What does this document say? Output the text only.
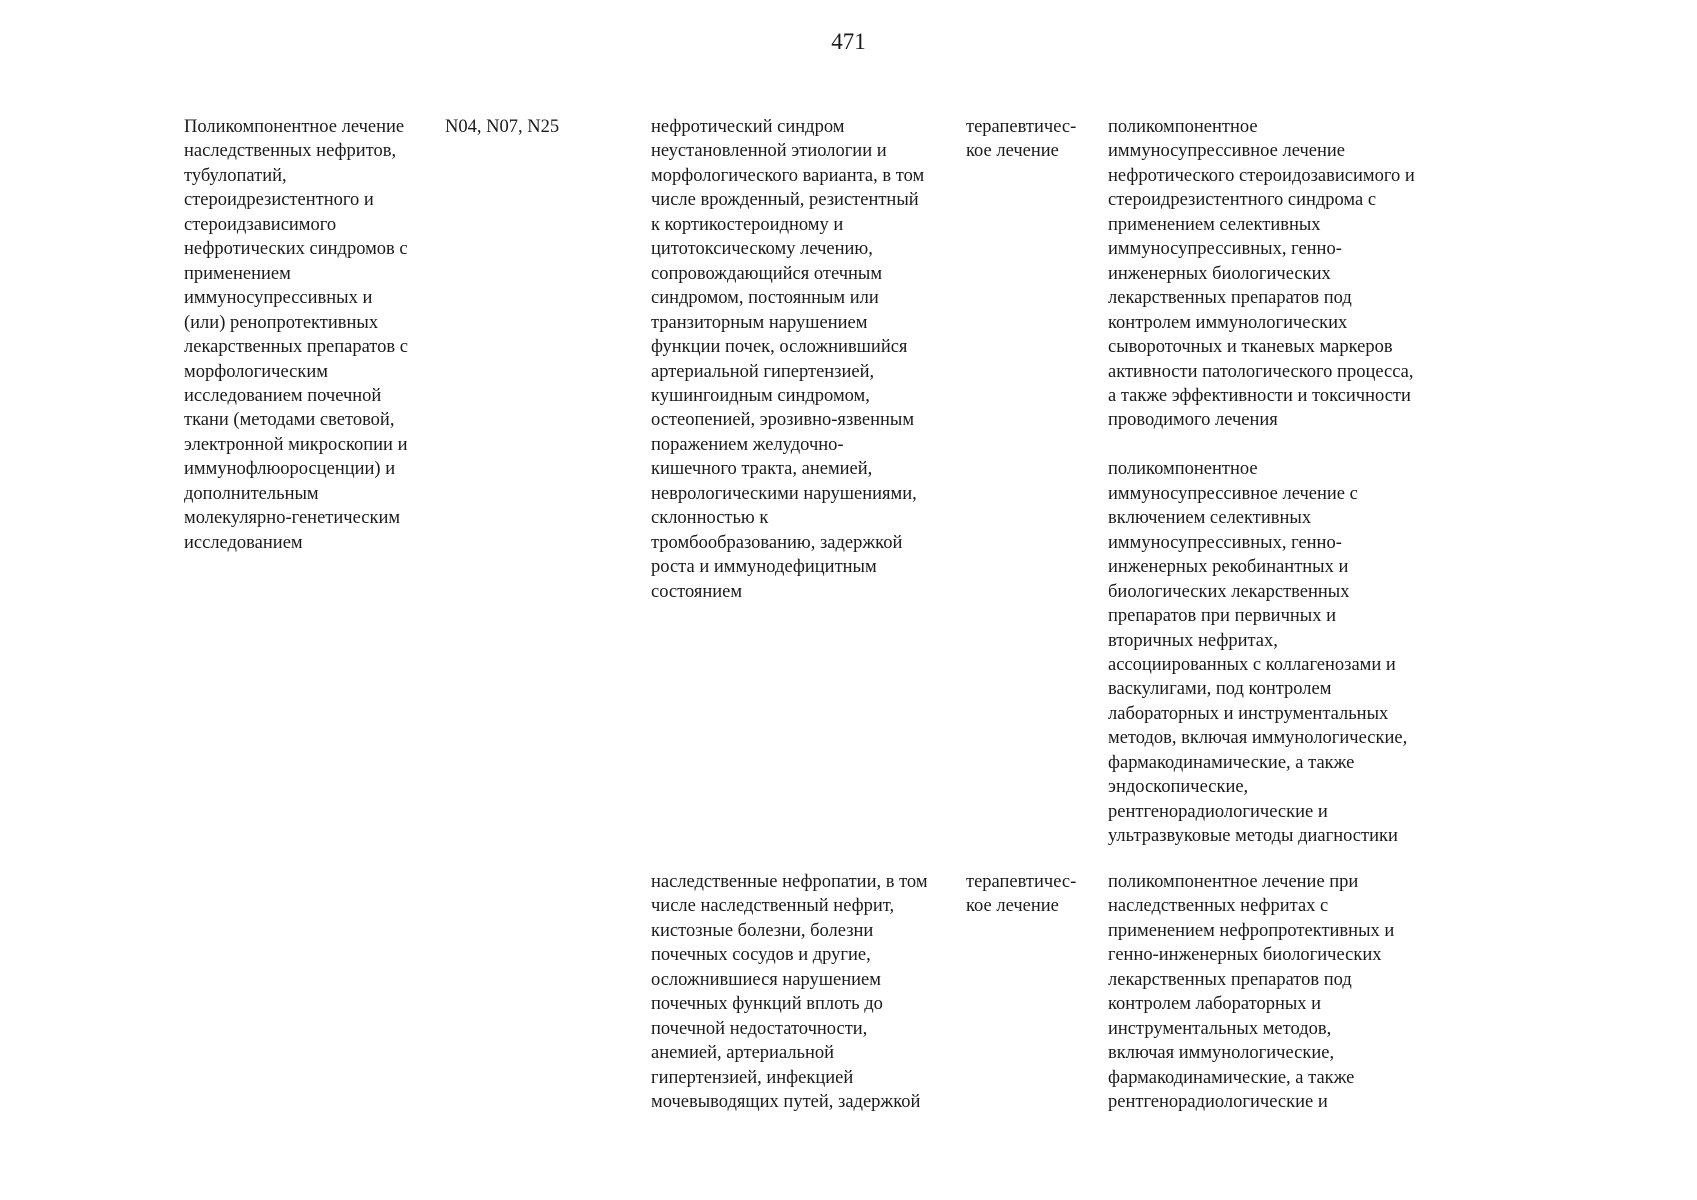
471
Поликомпонентное лечение
наследственных нефритов,
тубулопатий,
стероидрезистентного и
стероидзависимого
нефротических синдромов с
применением
иммуносупрессивных и
(или) ренопротективных
лекарственных препаратов с
морфологическим
исследованием почечной
ткани (методами световой,
электронной микроскопии и
иммунофлюоросценции) и
дополнительным
молекулярно-генетическим
исследованием
N04, N07, N25	нефротический синдром
неустановленной этиологии и
морфологического варианта, в том
числе врожденный, резистентный
к кортикостероидному и
цитотоксическому лечению,
сопровождающийся отечным
синдромом, постоянным или
транзиторным нарушением
функции почек, осложнившийся
артериальной гипертензией,
кушингоидным синдромом,
остеопенией, эрозивно-язвенным
поражением желудочно-
кишечного тракта, анемией,
неврологическими нарушениями,
склонностью к
тромбообразованию, задержкой
роста и иммунодефицитным
состоянием
терапевтичес-
кое лечение
поликомпонентное
иммуносупрессивное лечение
нефротического стероидозависимого и
стероидрезистентного синдрома с
применением селективных
иммуносупрессивных, генно-
инженерных биологических
лекарственных препаратов под
контролем иммунологических
сывороточных и тканевых маркеров
активности патологического процесса,
а также эффективности и токсичности
проводимого лечения
поликомпонентное
иммуносупрессивное лечение с
включением селективных
иммуносупрессивных, генно-
инженерных рекобинантных и
биологических лекарственных
препаратов при первичных и
вторичных нефритах,
ассоциированных с коллагенозами и
васкулигами, под контролем
лабораторных и инструментальных
методов, включая иммунологические,
фармакодинамические, а также
эндоскопические,
рентгенорадиологические и
ультразвуковые методы диагностики
наследственные нефропатии, в том
числе наследственный нефрит,
кистозные болезни, болезни
почечных сосудов и другие,
осложнившиеся нарушением
почечных функций вплоть до
почечной недостаточности,
анемией, артериальной
гипертензией, инфекцией
мочевыводящих путей, задержкой
терапевтичес-
кое лечение
поликомпонентное лечение при
наследственных нефритах с
применением нефропротективных и
генно-инженерных биологических
лекарственных препаратов под
контролем лабораторных и
инструментальных методов,
включая иммунологические,
фармакодинамические, а также
рентгенорадиологические и
